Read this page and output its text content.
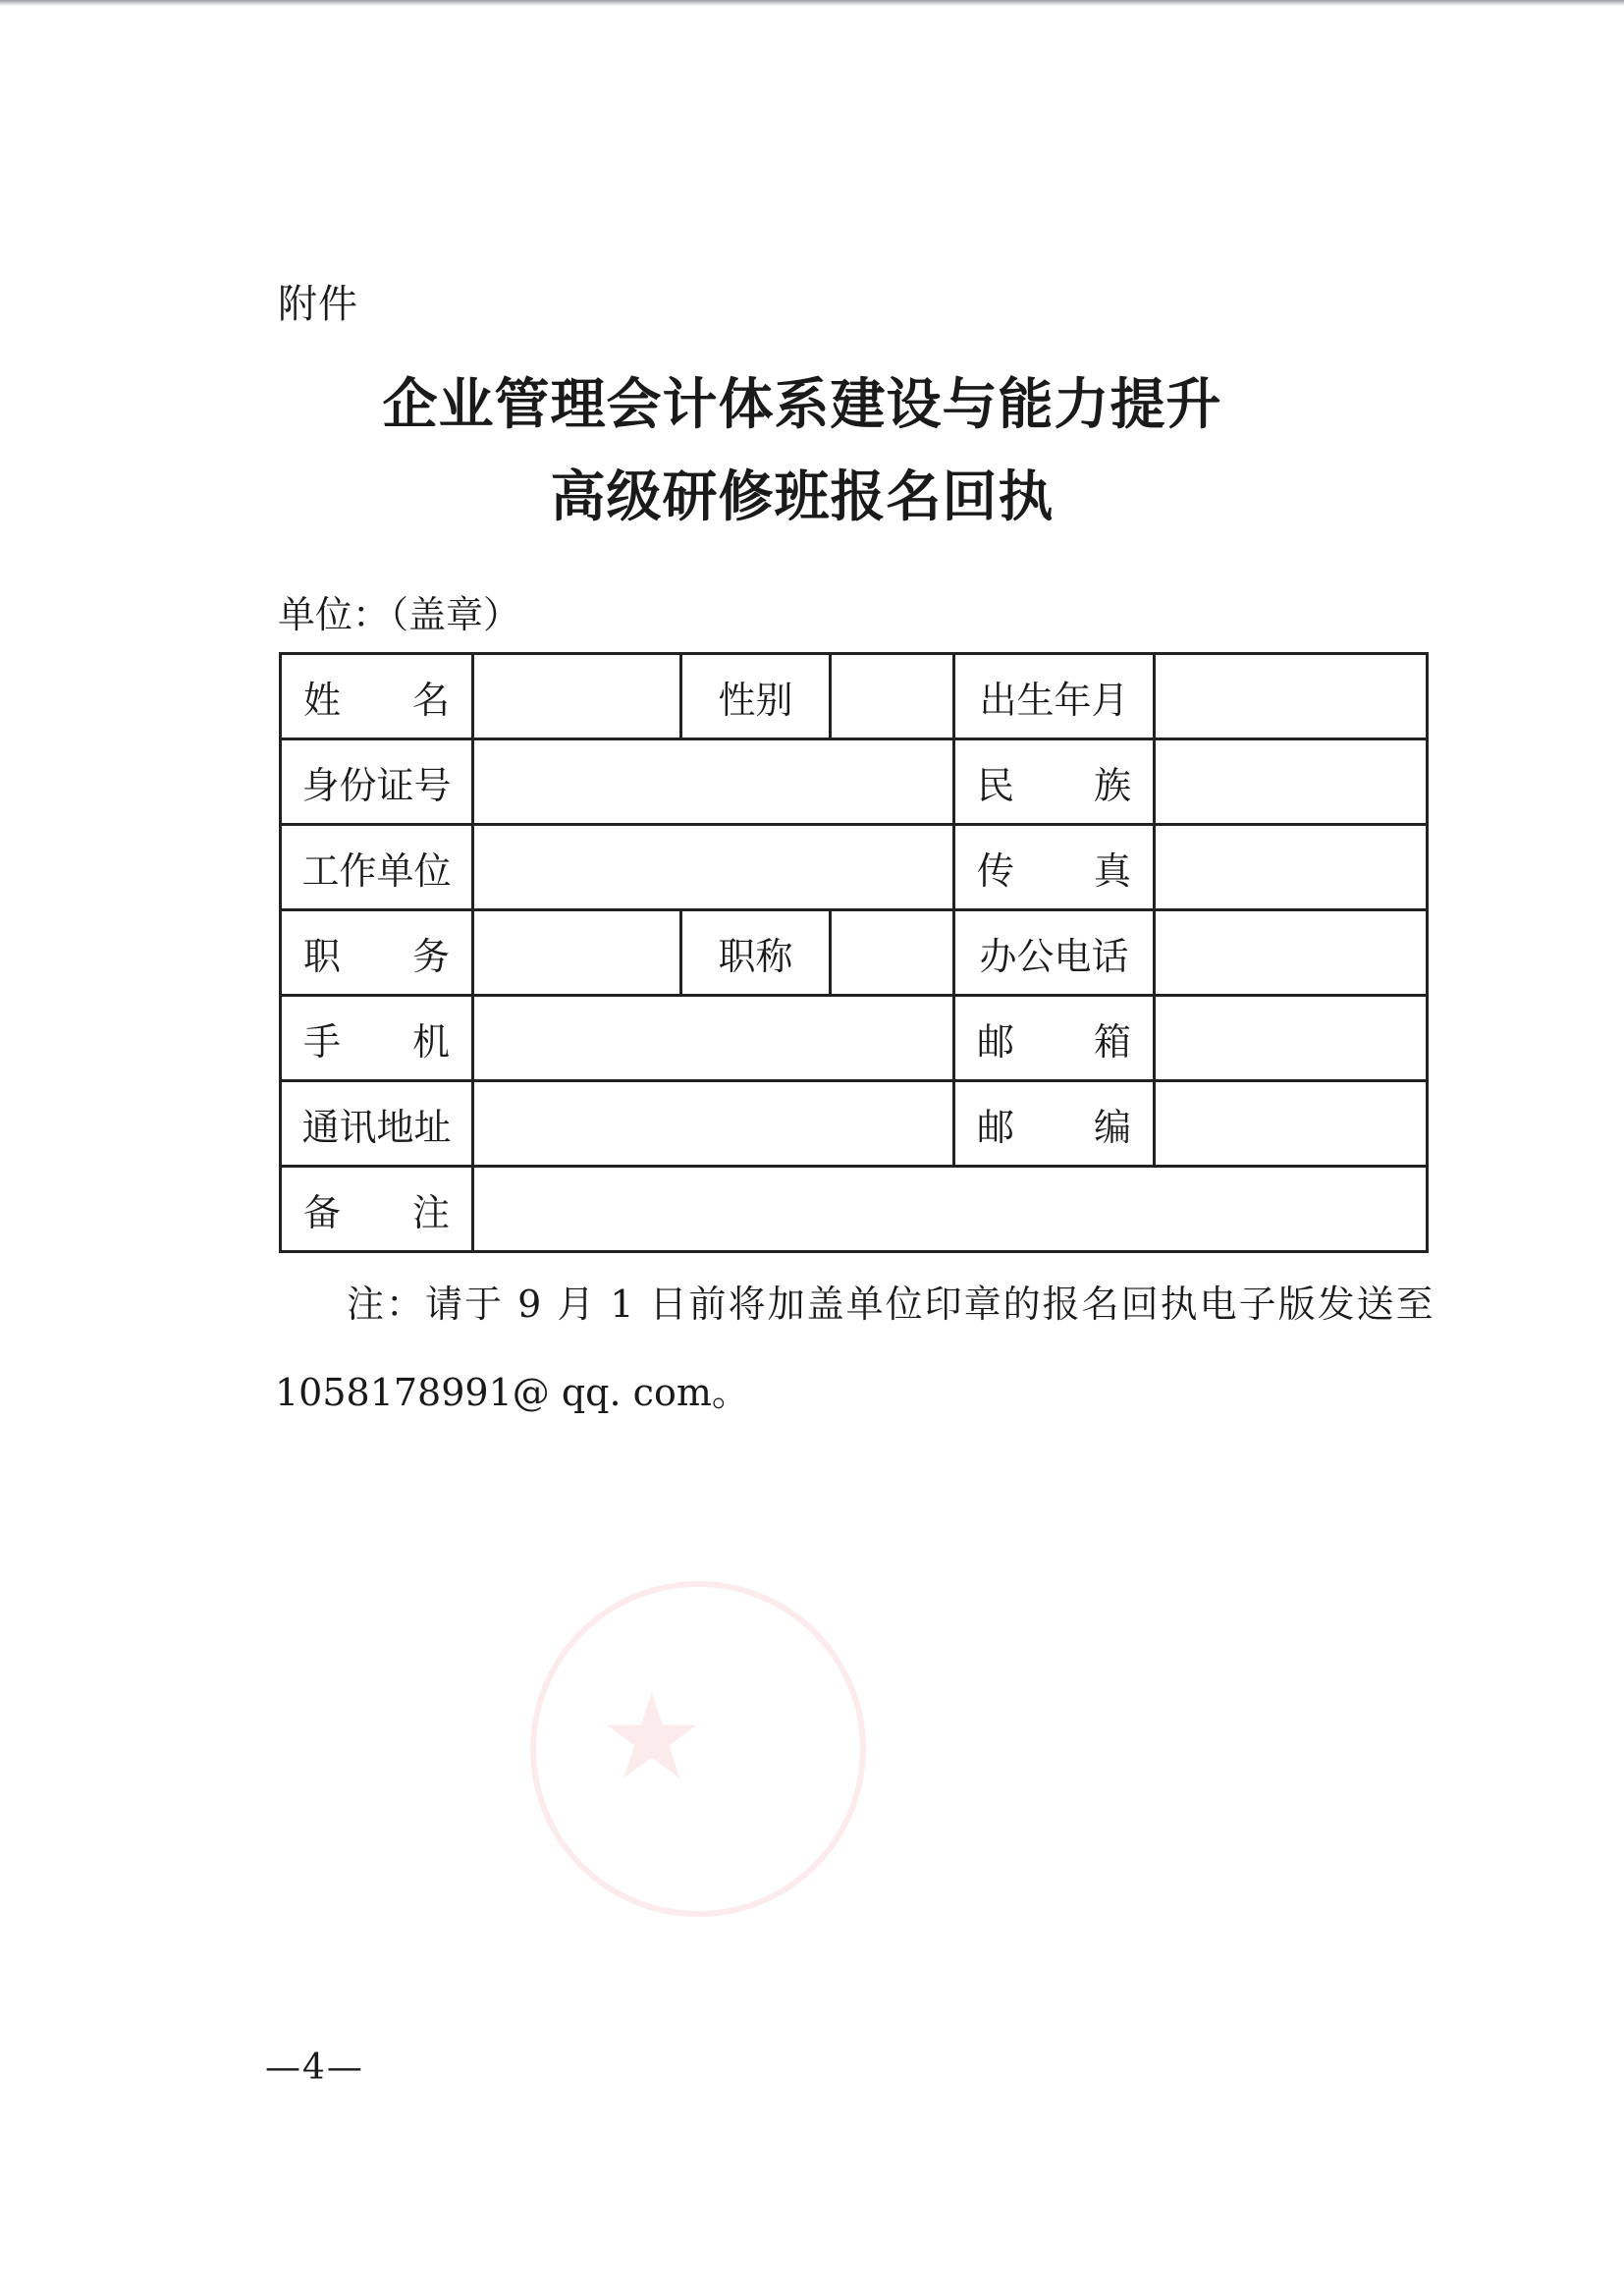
附件
企业管理会计体系建设与能力提升
高级研修班报名回执
单位：（盖章）
姓 名		性别		出生年月	
身份证号				民 族	
工作单位				传 真	
职 务		职称		办公电话	
手 机				邮 箱	
通讯地址				邮 编	
备 注					
注：请于 9 月 1 日前将加盖单位印章的报名回执电子版发送至
1058178991@ qq. com。
★
—4—
